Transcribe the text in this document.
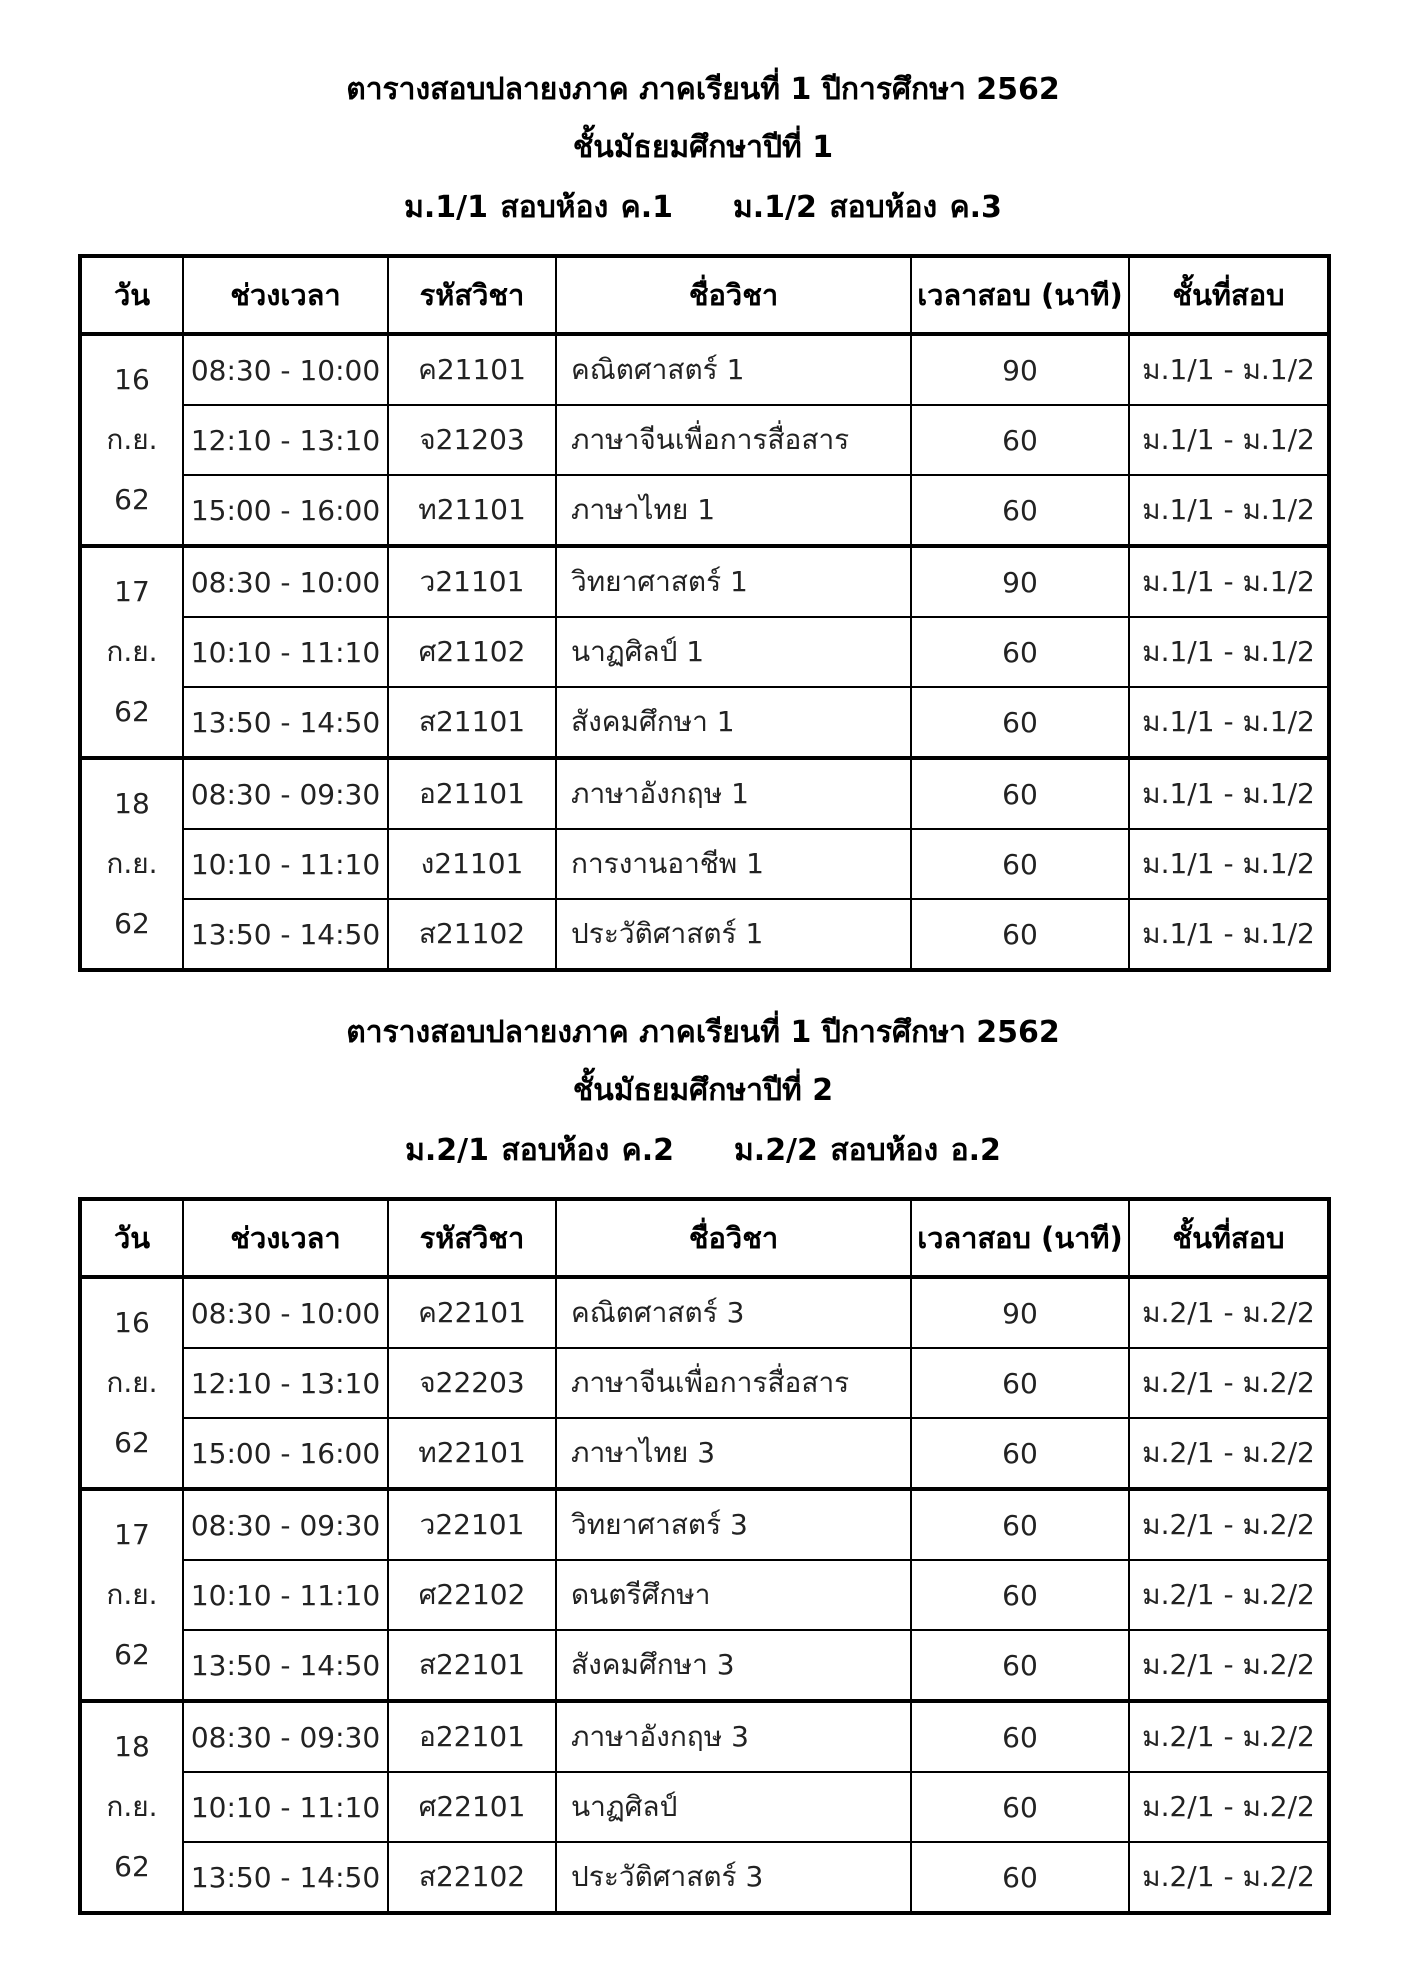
ตารางสอบปลายงภาค ภาคเรียนที่ 1 ปีการศึกษา 2562
ชั้นมัธยมศึกษาปีที่ 1
ม.1/1 สอบห้อง ค.1 ม.1/2 สอบห้อง ค.3
วัน	ช่วงเวลา	รหัสวิชา	ชื่อวิชา	เวลาสอบ (นาที)	ชั้นที่สอบ

16
ก.ย.
62	08:30 - 10:00	ค21101	คณิตศาสตร์ 1	90	ม.1/1 - ม.1/2
	12:10 - 13:10	จ21203	ภาษาจีนเพื่อการสื่อสาร	60	ม.1/1 - ม.1/2
	15:00 - 16:00	ท21101	ภาษาไทย 1	60	ม.1/1 - ม.1/2

17
ก.ย.
62	08:30 - 10:00	ว21101	วิทยาศาสตร์ 1	90	ม.1/1 - ม.1/2
	10:10 - 11:10	ศ21102	นาฏศิลป์ 1	60	ม.1/1 - ม.1/2
	13:50 - 14:50	ส21101	สังคมศึกษา 1	60	ม.1/1 - ม.1/2

18
ก.ย.
62	08:30 - 09:30	อ21101	ภาษาอังกฤษ 1	60	ม.1/1 - ม.1/2
	10:10 - 11:10	ง21101	การงานอาชีพ 1	60	ม.1/1 - ม.1/2
	13:50 - 14:50	ส21102	ประวัติศาสตร์ 1	60	ม.1/1 - ม.1/2
ตารางสอบปลายงภาค ภาคเรียนที่ 1 ปีการศึกษา 2562
ชั้นมัธยมศึกษาปีที่ 2
ม.2/1 สอบห้อง ค.2 ม.2/2 สอบห้อง อ.2
วัน	ช่วงเวลา	รหัสวิชา	ชื่อวิชา	เวลาสอบ (นาที)	ชั้นที่สอบ

16
ก.ย.
62	08:30 - 10:00	ค22101	คณิตศาสตร์ 3	90	ม.2/1 - ม.2/2
	12:10 - 13:10	จ22203	ภาษาจีนเพื่อการสื่อสาร	60	ม.2/1 - ม.2/2
	15:00 - 16:00	ท22101	ภาษาไทย 3	60	ม.2/1 - ม.2/2

17
ก.ย.
62	08:30 - 09:30	ว22101	วิทยาศาสตร์ 3	60	ม.2/1 - ม.2/2
	10:10 - 11:10	ศ22102	ดนตรีศึกษา	60	ม.2/1 - ม.2/2
	13:50 - 14:50	ส22101	สังคมศึกษา 3	60	ม.2/1 - ม.2/2

18
ก.ย.
62	08:30 - 09:30	อ22101	ภาษาอังกฤษ 3	60	ม.2/1 - ม.2/2
	10:10 - 11:10	ศ22101	นาฏศิลป์	60	ม.2/1 - ม.2/2
	13:50 - 14:50	ส22102	ประวัติศาสตร์ 3	60	ม.2/1 - ม.2/2
